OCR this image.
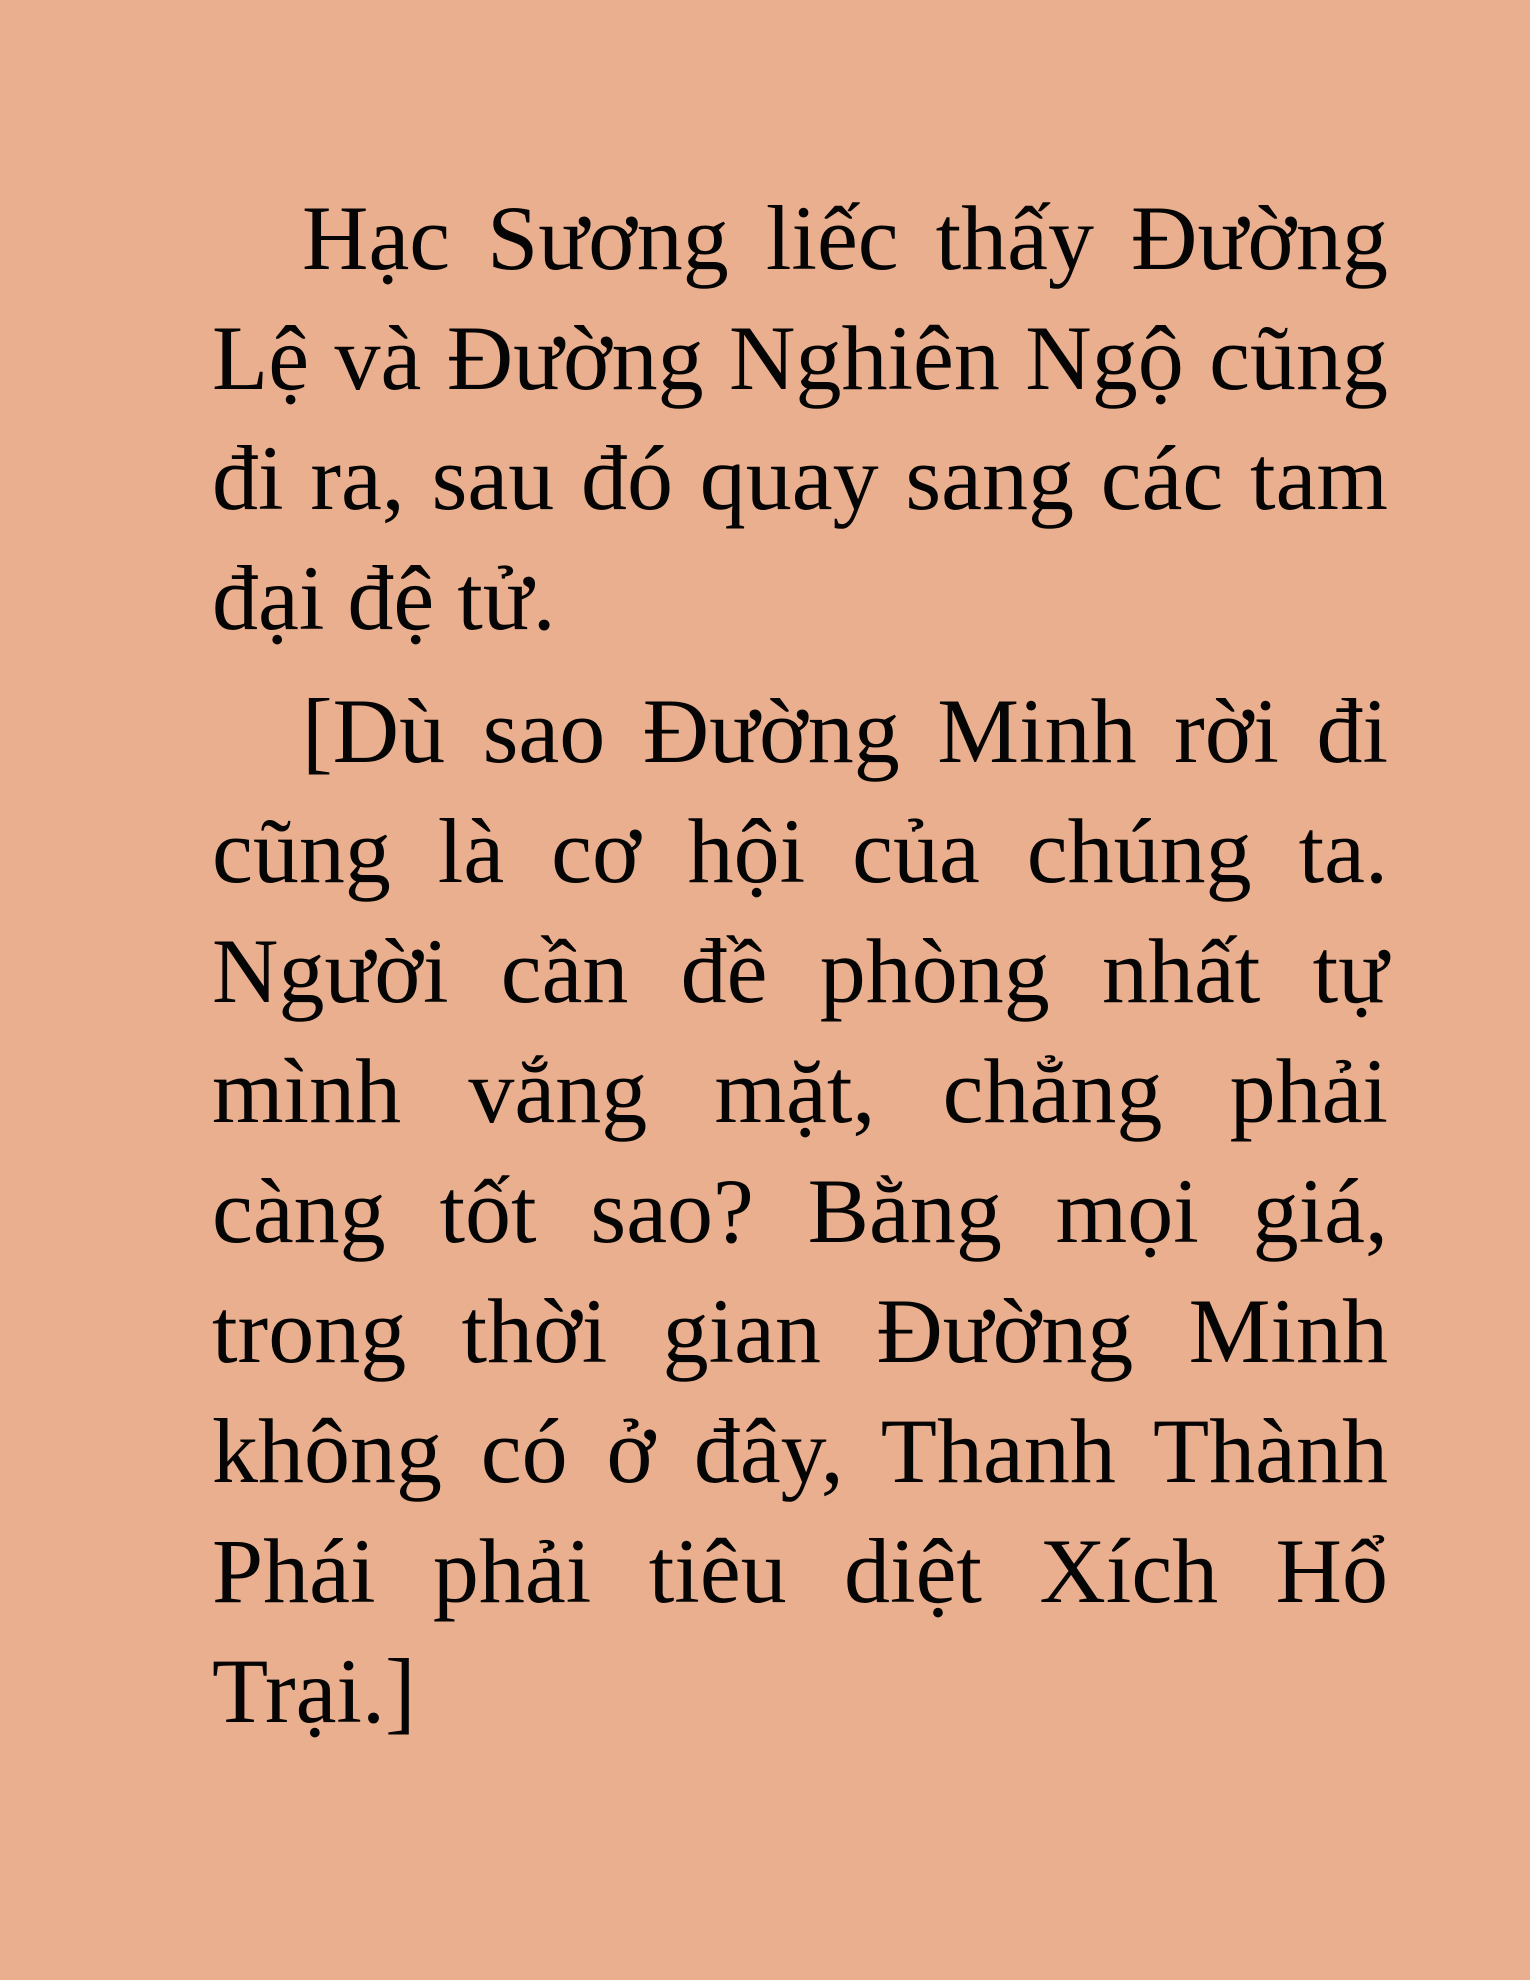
Hạc Sương liếc thấy Đường Lệ và Đường Nghiên Ngộ cũng đi ra, sau đó quay sang các tam đại đệ tử.

[Dù sao Đường Minh rời đi cũng là cơ hội của chúng ta. Người cần đề phòng nhất tự mình vắng mặt, chẳng phải càng tốt sao? Bằng mọi giá, trong thời gian Đường Minh không có ở đây, Thanh Thành Phái phải tiêu diệt Xích Hổ Trại.]
